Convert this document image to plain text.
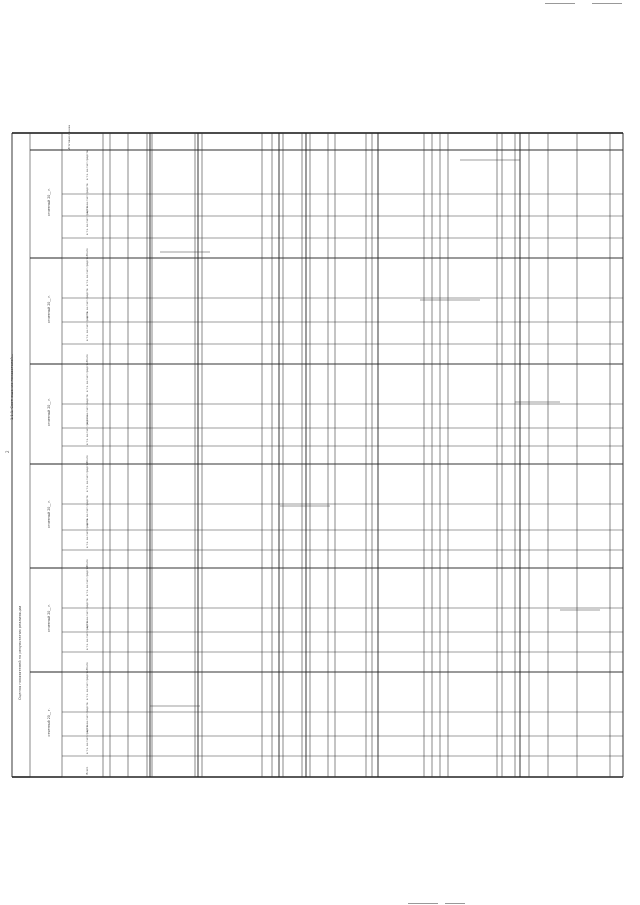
отчетный 20__ г.
Всего
в т.ч. за счет средств
в т.ч. за счет средств
в т.ч. за счет средств
отчетный 20__ г.
Всего
в т.ч. за счет средств
в т.ч. за счет средств
в т.ч. за счет средств
отчетный 20__ г.
Всего
в т.ч. за счет средств
в т.ч. за счет средств
в т.ч. за счет средств
отчетный 20__ г.
Всего
в т.ч. за счет средств
в т.ч. за счет средств
в т.ч. за счет средств
отчетный 20__ г.
Всего
в т.ч. за счет средств
в т.ч. за счет средств
в т.ч. за счет средств
отчетный 20__ г.
Всего
в т.ч. за счет средств
в т.ч. за счет средств
в т.ч. за счет средств
Итоговая оценка
2
1.1.1. Соотношение показателей...
Оценка показателей по результатам реализации
